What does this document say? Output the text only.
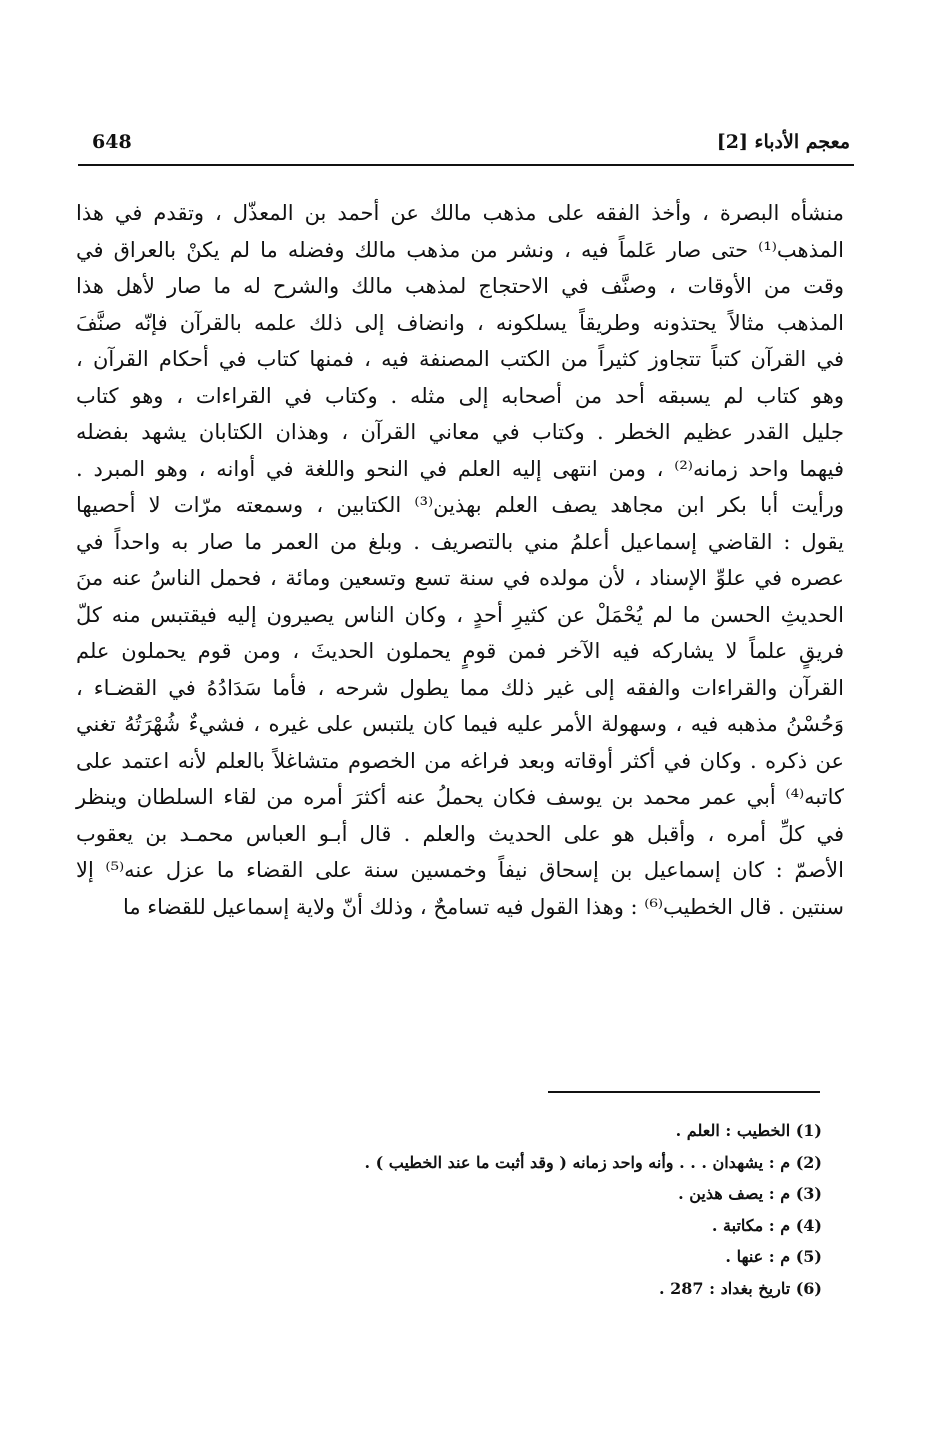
معجم الأدباء [2]
648
منشأه البصرة ، وأخذ الفقه على مذهب مالك عن أحمد بن المعذّل ، وتقدم في هذا
المذهب⁽¹⁾ حتى صار عَلماً فيه ، ونشر من مذهب مالك وفضله ما لم يكنْ بالعراق في
وقت من الأوقات ، وصنَّف في الاحتجاج لمذهب مالك والشرح له ما صار لأهل هذا
المذهب مثالاً يحتذونه وطريقاً يسلكونه ، وانضاف إلى ذلك علمه بالقرآن فإنّه صنَّفَ
في القرآن كتباً تتجاوز كثيراً من الكتب المصنفة فيه ، فمنها كتاب في أحكام القرآن ،
وهو كتاب لم يسبقه أحد من أصحابه إلى مثله . وكتاب في القراءات ، وهو كتاب
جليل القدر عظيم الخطر . وكتاب في معاني القرآن ، وهذان الكتابان يشهد بفضله
فيهما واحد زمانه⁽²⁾ ، ومن انتهى إليه العلم في النحو واللغة في أوانه ، وهو المبرد .
ورأيت أبا بكر ابن مجاهد يصف العلم بهذين⁽³⁾ الكتابين ، وسمعته مرّات لا أحصيها
يقول : القاضي إسماعيل أعلمُ مني بالتصريف . وبلغ من العمر ما صار به واحداً في
عصره في علوِّ الإسناد ، لأن مولده في سنة تسع وتسعين ومائة ، فحمل الناسُ عنه منَ
الحديثِ الحسن ما لم يُحْمَلْ عن كثيرِ أحدٍ ، وكان الناس يصيرون إليه فيقتبس منه كلّ
فريقٍ علماً لا يشاركه فيه الآخر فمن قومٍ يحملون الحديثَ ، ومن قوم يحملون علم
القرآن والقراءات والفقه إلى غير ذلك مما يطول شرحه ، فأما سَدَادُهُ في القضـاء ،
وَحُسْنُ مذهبه فيه ، وسهولة الأمر عليه فيما كان يلتبس على غيره ، فشيءٌ شُهْرَتُهُ تغني
عن ذكره . وكان في أكثر أوقاته وبعد فراغه من الخصوم متشاغلاً بالعلم لأنه اعتمد على
كاتبه⁽⁴⁾ أبي عمر محمد بن يوسف فكان يحملُ عنه أكثرَ أمره من لقاء السلطان وينظر
في كلِّ أمره ، وأقبل هو على الحديث والعلم . قال أبـو العباس محمـد بن يعقوب
الأصمّ : كان إسماعيل بن إسحاق نيفاً وخمسين سنة على القضاء ما عزل عنه⁽⁵⁾ إلا
سنتين . قال الخطيب⁽⁶⁾ : وهذا القول فيه تسامحٌ ، وذلك أنّ ولاية إسماعيل للقضاء ما
(1) الخطيب : العلم .
(2) م : يشهدان . . . وأنه واحد زمانه ( وقد أثبت ما عند الخطيب ) .
(3) م : يصف هذين .
(4) م : مكاتبة .
(5) م : عنها .
(6) تاريخ بغداد : 287 .
